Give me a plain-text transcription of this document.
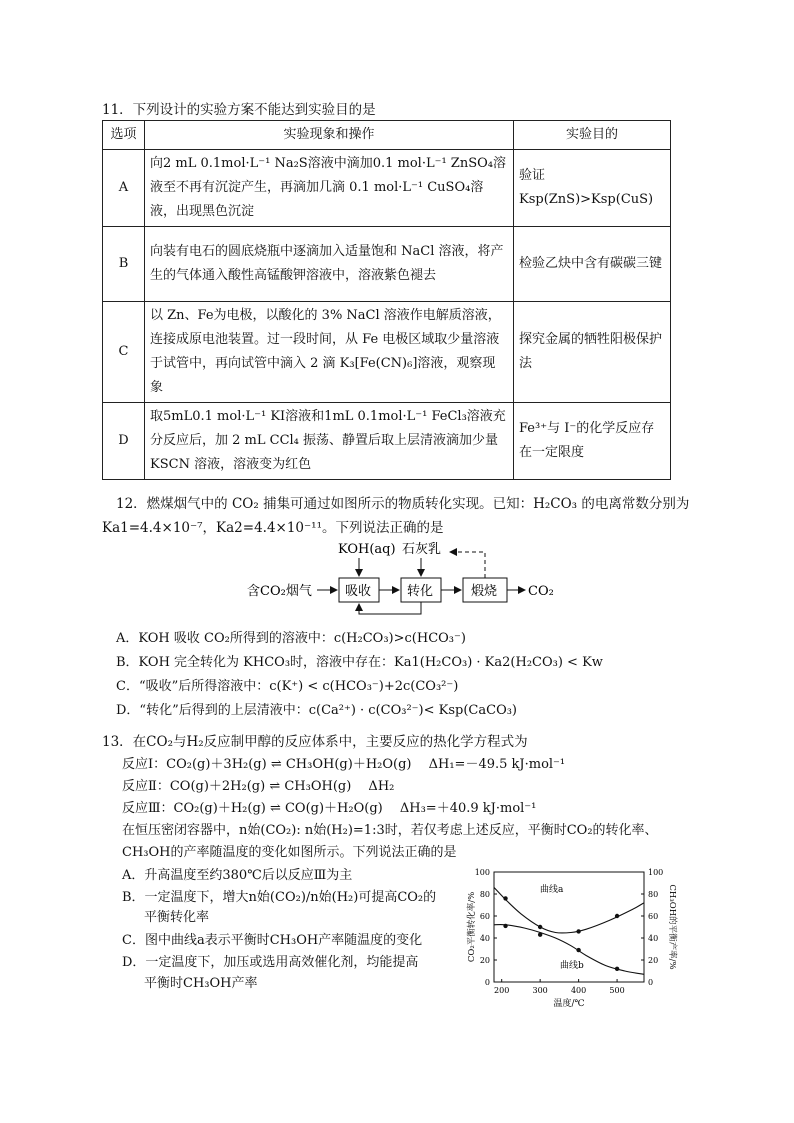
11．下列设计的实验方案不能达到实验目的是
选项	实验现象和操作	实验目的
A	向2 mL 0.1mol·L⁻¹ Na₂S溶液中滴加0.1 mol·L⁻¹ ZnSO₄溶液至不再有沉淀产生，再滴加几滴 0.1 mol·L⁻¹ CuSO₄溶液，出现黑色沉淀	验证 Ksp(ZnS)>Ksp(CuS)
B	向装有电石的圆底烧瓶中逐滴加入适量饱和 NaCl 溶液，将产生的气体通入酸性高锰酸钾溶液中，溶液紫色褪去	检验乙炔中含有碳碳三键
C	以 Zn、Fe为电极，以酸化的 3% NaCl 溶液作电解质溶液，连接成原电池装置。过一段时间，从 Fe 电极区域取少量溶液于试管中，再向试管中滴入 2 滴 K₃[Fe(CN)₆]溶液，观察现象	探究金属的牺牲阳极保护法
D	取5mL0.1 mol·L⁻¹ KI溶液和1mL 0.1mol·L⁻¹ FeCl₃溶液充分反应后，加 2 mL CCl₄ 振荡、静置后取上层清液滴加少量 KSCN 溶液，溶液变为红色	Fe³⁺与 I⁻的化学反应存在一定限度
12．燃煤烟气中的 CO₂ 捕集可通过如图所示的物质转化实现。已知：H₂CO₃ 的电离常数分别为
Ka1=4.4×10⁻⁷，Ka2=4.4×10⁻¹¹。下列说法正确的是
KOH(aq) 石灰乳
含CO₂烟气	吸收	转化	煅烧 CO₂
A．KOH 吸收 CO₂所得到的溶液中：c(H₂CO₃)>c(HCO₃⁻)
B．KOH 完全转化为 KHCO₃时，溶液中存在：Ka1(H₂CO₃) · Ka2(H₂CO₃) < Kw
C．“吸收”后所得溶液中：c(K⁺) < c(HCO₃⁻)+2c(CO₃²⁻)
D．“转化”后得到的上层清液中：c(Ca²⁺) · c(CO₃²⁻)< Ksp(CaCO₃)
13．在CO₂与H₂反应制甲醇的反应体系中，主要反应的热化学方程式为
反应Ⅰ：CO₂(g)＋3H₂(g) ⇌ CH₃OH(g)＋H₂O(g)　 ΔH₁=－49.5 kJ·mol⁻¹
反应Ⅱ：CO(g)＋2H₂(g) ⇌ CH₃OH(g)　 ΔH₂
反应Ⅲ：CO₂(g)＋H₂(g) ⇌ CO(g)＋H₂O(g)　 ΔH₃=＋40.9 kJ·mol⁻¹
在恒压密闭容器中，n始(CO₂): n始(H₂)=1:3时，若仅考虑上述反应，平衡时CO₂的转化率、
CH₃OH的产率随温度的变化如图所示。下列说法正确的是
A．升高温度至约380℃后以反应Ⅲ为主
B．一定温度下，增大n始(CO₂)/n始(H₂)可提高CO₂的
平衡转化率
C．图中曲线a表示平衡时CH₃OH产率随温度的变化
D．一定温度下，加压或选用高效催化剂，均能提高
平衡时CH₃OH产率	0	0
20	20
40	40
60	60
80	80
100	100
200	300	400	500
温度/℃
CO₂平衡转化率/%	CH₃OH的平衡产率/%
曲线a
曲线b
